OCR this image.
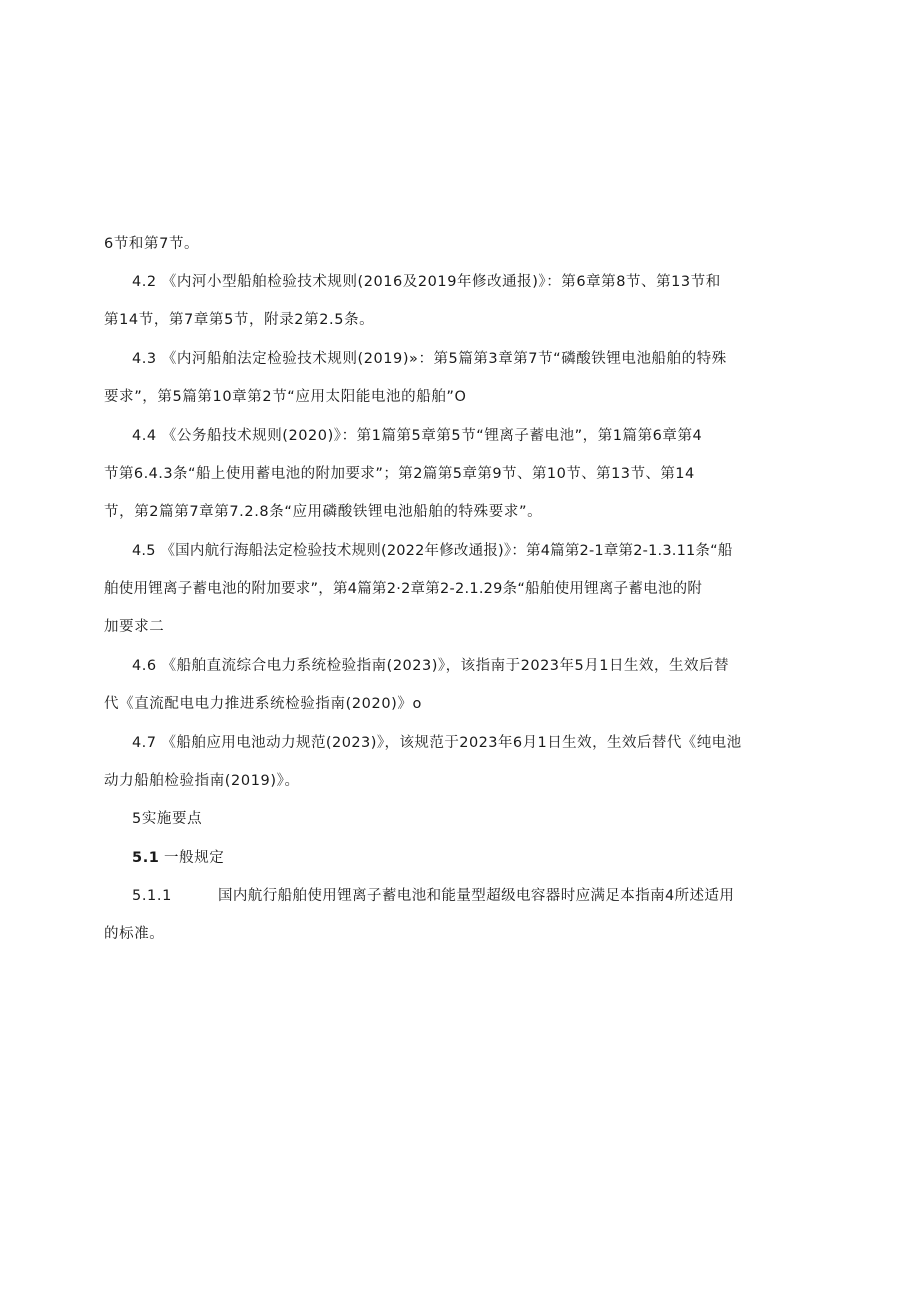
6节和第7节。
4.2 《内河小型船舶检验技术规则(2016及2019年修改通报)》：第6章第8节、第13节和
第14节，第7章第5节，附录2第2.5条。
4.3 《内河船舶法定检验技术规则(2019)»：第5篇第3章第7节“磷酸铁锂电池船舶的特殊
要求”，第5篇第10章第2节“应用太阳能电池的船舶”O
4.4 《公务船技术规则(2020)》：第1篇第5章第5节“锂离子蓄电池”，第1篇第6章第4
节第6.4.3条“船上使用蓄电池的附加要求”；第2篇第5章第9节、第10节、第13节、第14
节，第2篇第7章第7.2.8条“应用磷酸铁锂电池船舶的特殊要求”。
4.5 《国内航行海船法定检验技术规则(2022年修改通报)》：第4篇第2-1章第2-1.3.11条“船
舶使用锂离子蓄电池的附加要求”，第4篇第2·2章第2-2.1.29条“船舶使用锂离子蓄电池的附
加要求二
4.6 《船舶直流综合电力系统检验指南(2023)》，该指南于2023年5月1日生效，生效后替
代《直流配电电力推进系统检验指南(2020)》o
4.7 《船舶应用电池动力规范(2023)》，该规范于2023年6月1日生效，生效后替代《纯电池
动力船舶检验指南(2019)》。
5实施要点
5.1 一般规定
5.1.1	国内航行船舶使用锂离子蓄电池和能量型超级电容器时应满足本指南4所述适用
的标准。
